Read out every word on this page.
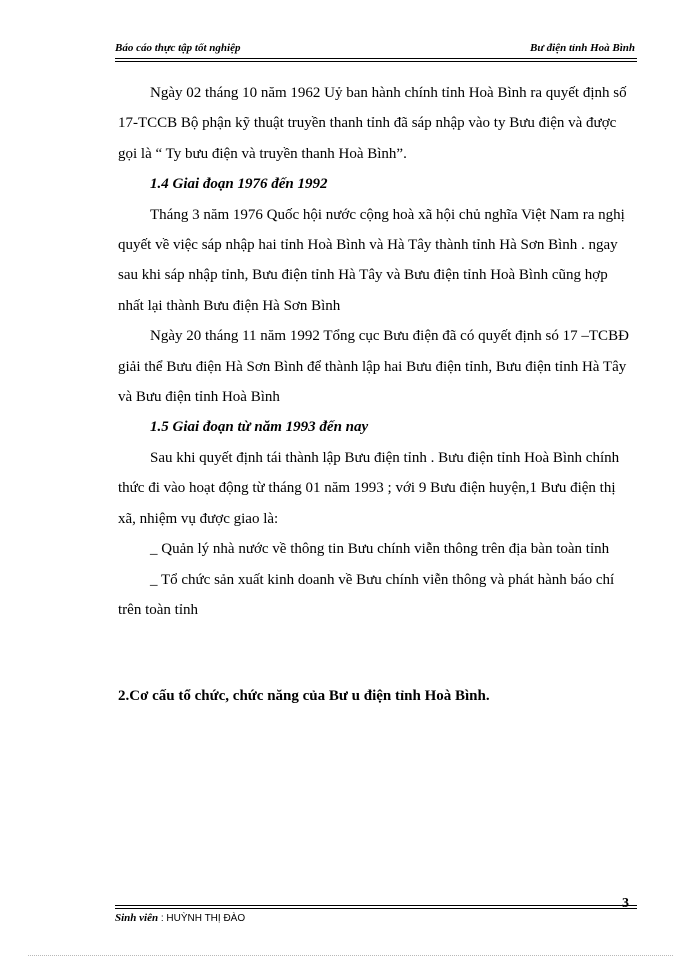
Báo cáo thực tập tốt nghiệp	Bư điện tỉnh Hoà Bình

Ngày 02 tháng 10 năm 1962 Uỷ ban hành chính tỉnh Hoà Bình ra quyết định số 17-TCCB Bộ phận kỹ thuật truyền thanh tỉnh đã sáp nhập vào ty Bưu điện và được gọi là “ Ty bưu điện và truyền thanh Hoà Bình”.

1.4 Giai đoạn 1976 đến 1992

Tháng 3 năm 1976 Quốc hội nước cộng hoà xã hội chủ nghĩa Việt Nam ra nghị quyết về việc sáp nhập hai tỉnh Hoà Bình và Hà Tây thành tỉnh Hà Sơn Bình . ngay sau khi sáp nhập tỉnh, Bưu điện tỉnh Hà Tây và Bưu điện tỉnh Hoà Bình cũng hợp nhất lại thành Bưu điện Hà Sơn Bình

Ngày 20 tháng 11 năm 1992 Tổng cục Bưu điện đã có quyết định só 17 –TCBĐ giải thể Bưu điện Hà Sơn Bình để thành lập hai Bưu điện tỉnh, Bưu điện tỉnh Hà Tây và Bưu điện tỉnh Hoà Bình

1.5 Giai đoạn từ năm 1993 đến nay

Sau khi quyết định tái thành lập Bưu điện tỉnh . Bưu điện tỉnh Hoà Bình chính thức đi vào hoạt động từ tháng 01 năm 1993 ; với 9 Bưu điện huyện,1 Bưu điện thị xã, nhiệm vụ được giao là:

_ Quản lý nhà nước về thông tin Bưu chính viễn thông trên địa bàn toàn tỉnh

_ Tổ chức sản xuất kinh doanh về Bưu chính viễn thông và phát hành báo chí trên toàn tỉnh

2.Cơ cấu tổ chức, chức năng của Bư u điện tỉnh Hoà Bình.
3
Sinh viên : HUỲNH THỊ ĐÀO
